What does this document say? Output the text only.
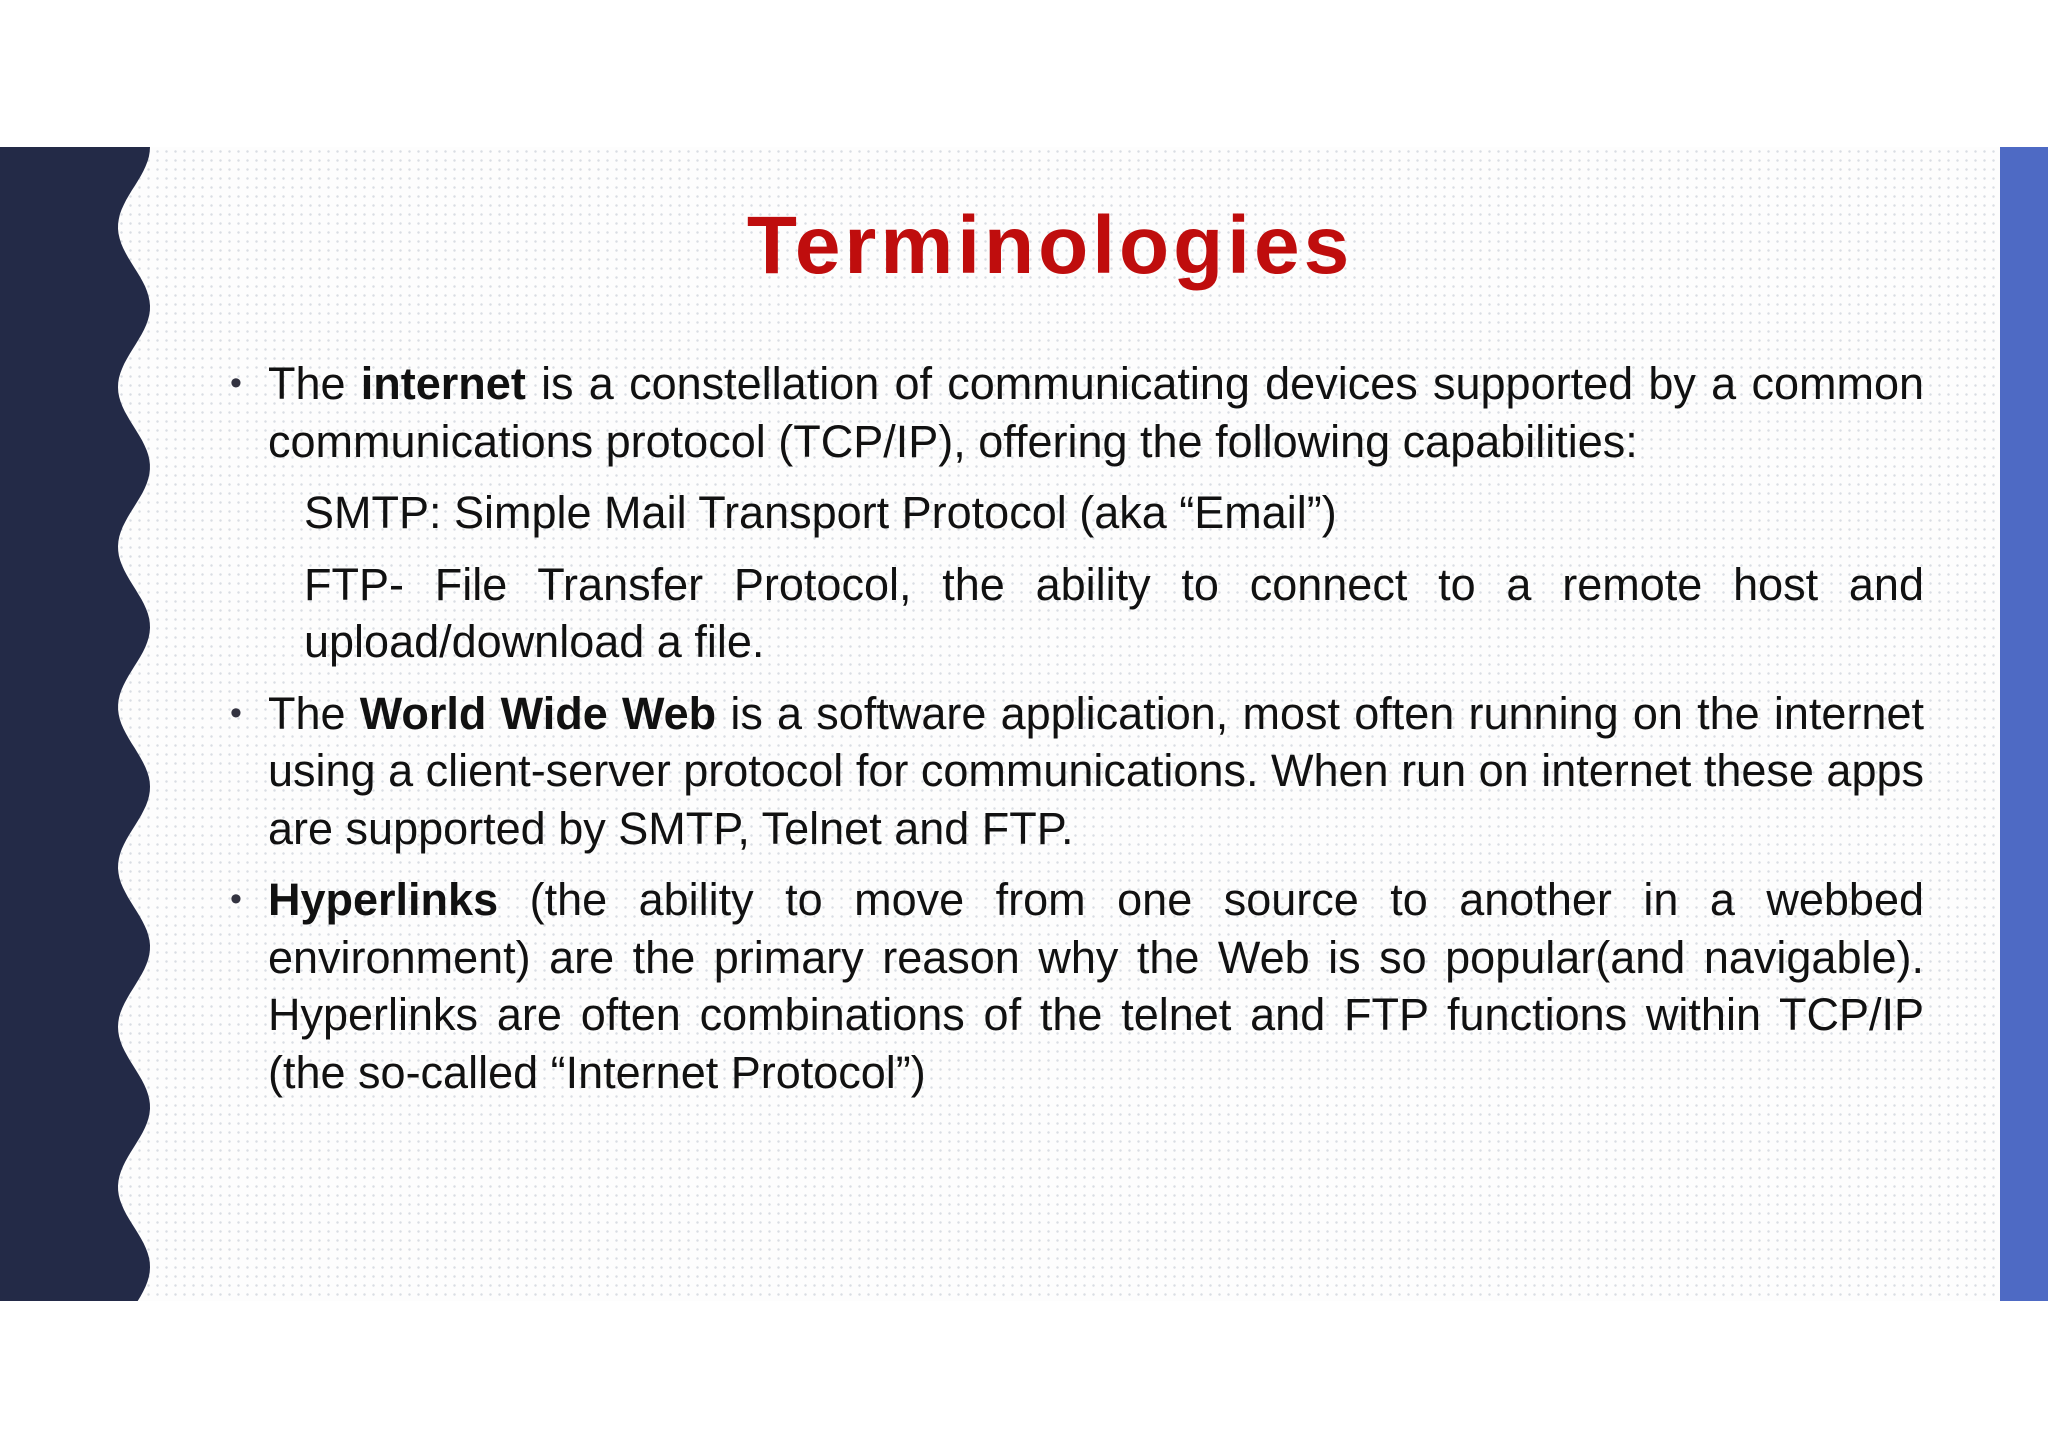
Terminologies

• The internet is a constellation of communicating devices supported by a common communications protocol (TCP/IP), offering the following capabilities:

SMTP: Simple Mail Transport Protocol (aka “Email”)

FTP- File Transfer Protocol, the ability to connect to a remote host and upload/download a file.

• The World Wide Web is a software application, most often running on the internet using a client-server protocol for communications. When run on internet these apps are supported by SMTP, Telnet and FTP.

• Hyperlinks (the ability to move from one source to another in a webbed environment) are the primary reason why the Web is so popular(and navigable). Hyperlinks are often combinations of the telnet and FTP functions within TCP/IP (the so-called “Internet Protocol”)
